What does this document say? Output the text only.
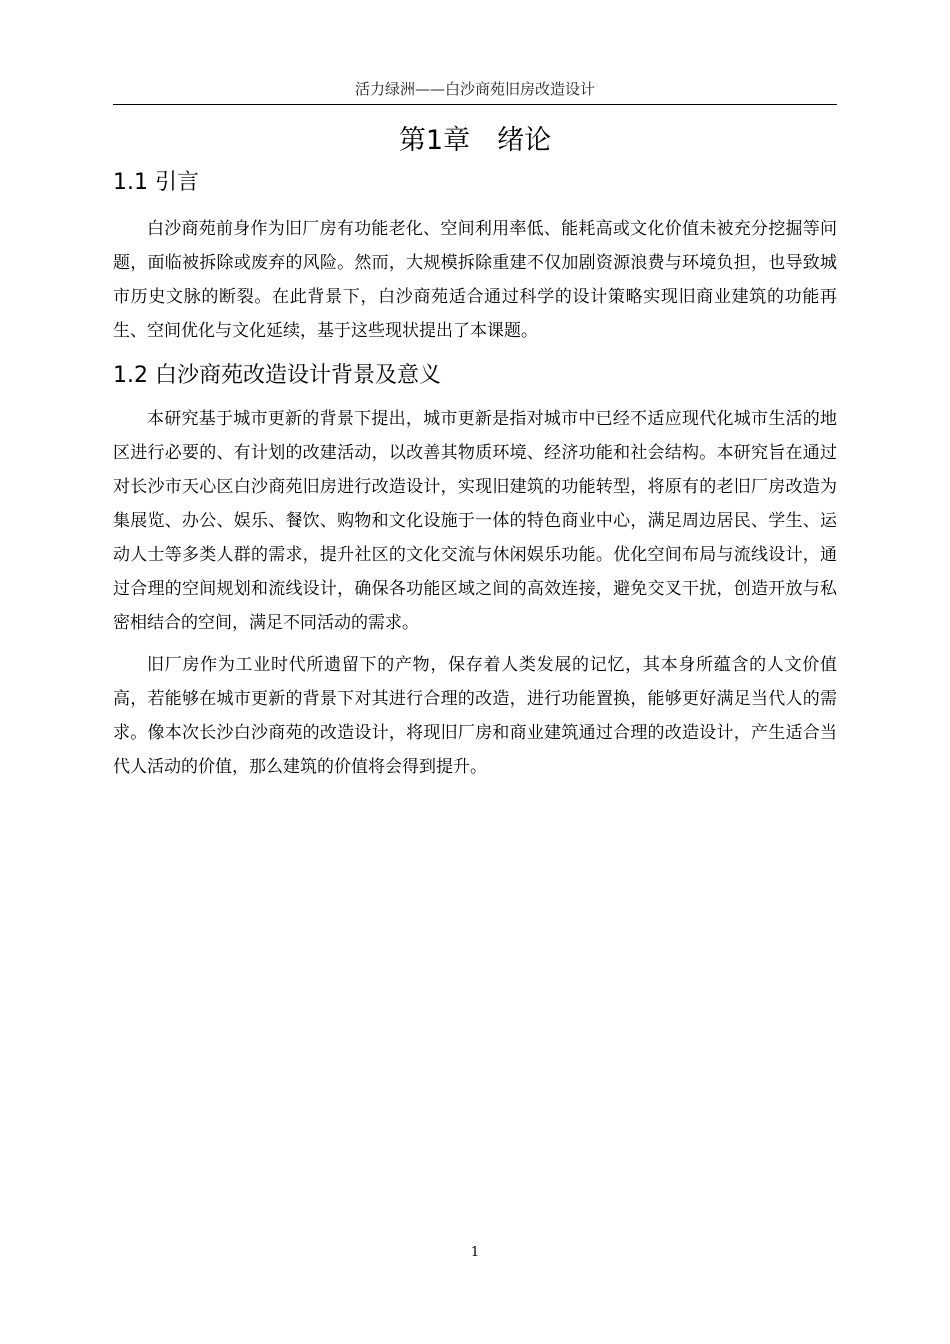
活力绿洲——白沙商苑旧房改造设计
第1章　绪论
1.1 引言

白沙商苑前身作为旧厂房有功能老化、空间利用率低、能耗高或文化价值未被充分挖掘等问题，面临被拆除或废弃的风险。然而，大规模拆除重建不仅加剧资源浪费与环境负担，也导致城市历史文脉的断裂。在此背景下，白沙商苑适合通过科学的设计策略实现旧商业建筑的功能再生、空间优化与文化延续，基于这些现状提出了本课题。

1.2 白沙商苑改造设计背景及意义

本研究基于城市更新的背景下提出，城市更新是指对城市中已经不适应现代化城市生活的地区进行必要的、有计划的改建活动，以改善其物质环境、经济功能和社会结构。本研究旨在通过对长沙市天心区白沙商苑旧房进行改造设计，实现旧建筑的功能转型，将原有的老旧厂房改造为集展览、办公、娱乐、餐饮、购物和文化设施于一体的特色商业中心，满足周边居民、学生、运动人士等多类人群的需求，提升社区的文化交流与休闲娱乐功能。优化空间布局与流线设计，通过合理的空间规划和流线设计，确保各功能区域之间的高效连接，避免交叉干扰，创造开放与私密相结合的空间，满足不同活动的需求。

旧厂房作为工业时代所遗留下的产物，保存着人类发展的记忆，其本身所蕴含的人文价值高，若能够在城市更新的背景下对其进行合理的改造，进行功能置换，能够更好满足当代人的需求。像本次长沙白沙商苑的改造设计，将现旧厂房和商业建筑通过合理的改造设计，产生适合当代人活动的价值，那么建筑的价值将会得到提升。

1
